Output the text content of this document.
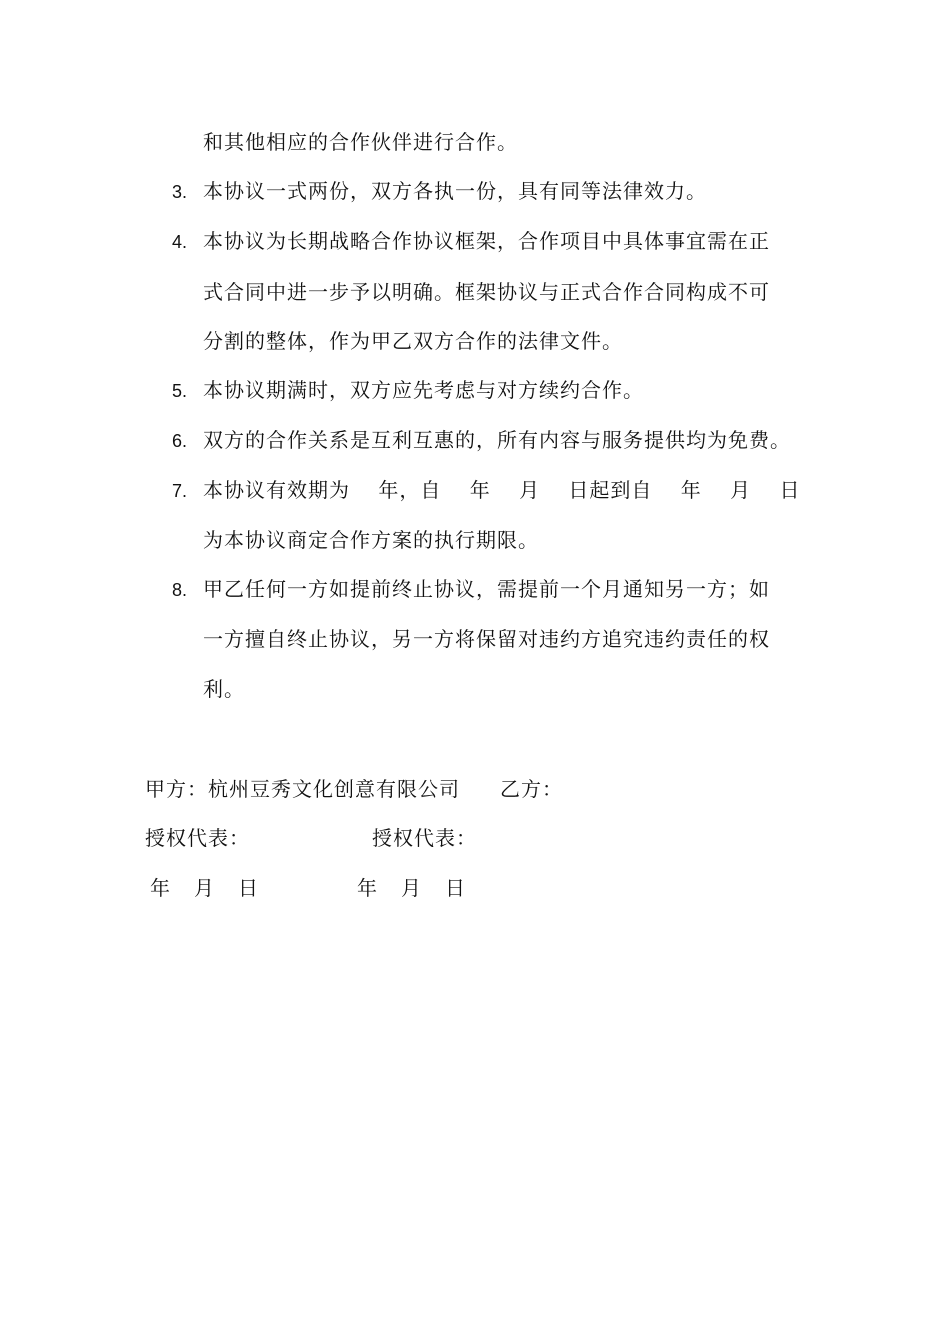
和其他相应的合作伙伴进行合作。
3. 本协议一式两份，双方各执一份，具有同等法律效力。
4. 本协议为长期战略合作协议框架，合作项目中具体事宜需在正
式合同中进一步予以明确。框架协议与正式合作合同构成不可
分割的整体，作为甲乙双方合作的法律文件。
5. 本协议期满时，双方应先考虑与对方续约合作。
6. 双方的合作关系是互利互惠的，所有内容与服务提供均为免费。
7. 本协议有效期为　 年，自　 年　 月　 日起到自　 年　 月　 日
为本协议商定合作方案的执行期限。
8. 甲乙任何一方如提前终止协议，需提前一个月通知另一方；如
一方擅自终止协议，另一方将保留对违约方追究违约责任的权
利。
甲方：杭州豆秀文化创意有限公司 乙方：
授权代表：	授权代表：
年　月　日	年　月　日
